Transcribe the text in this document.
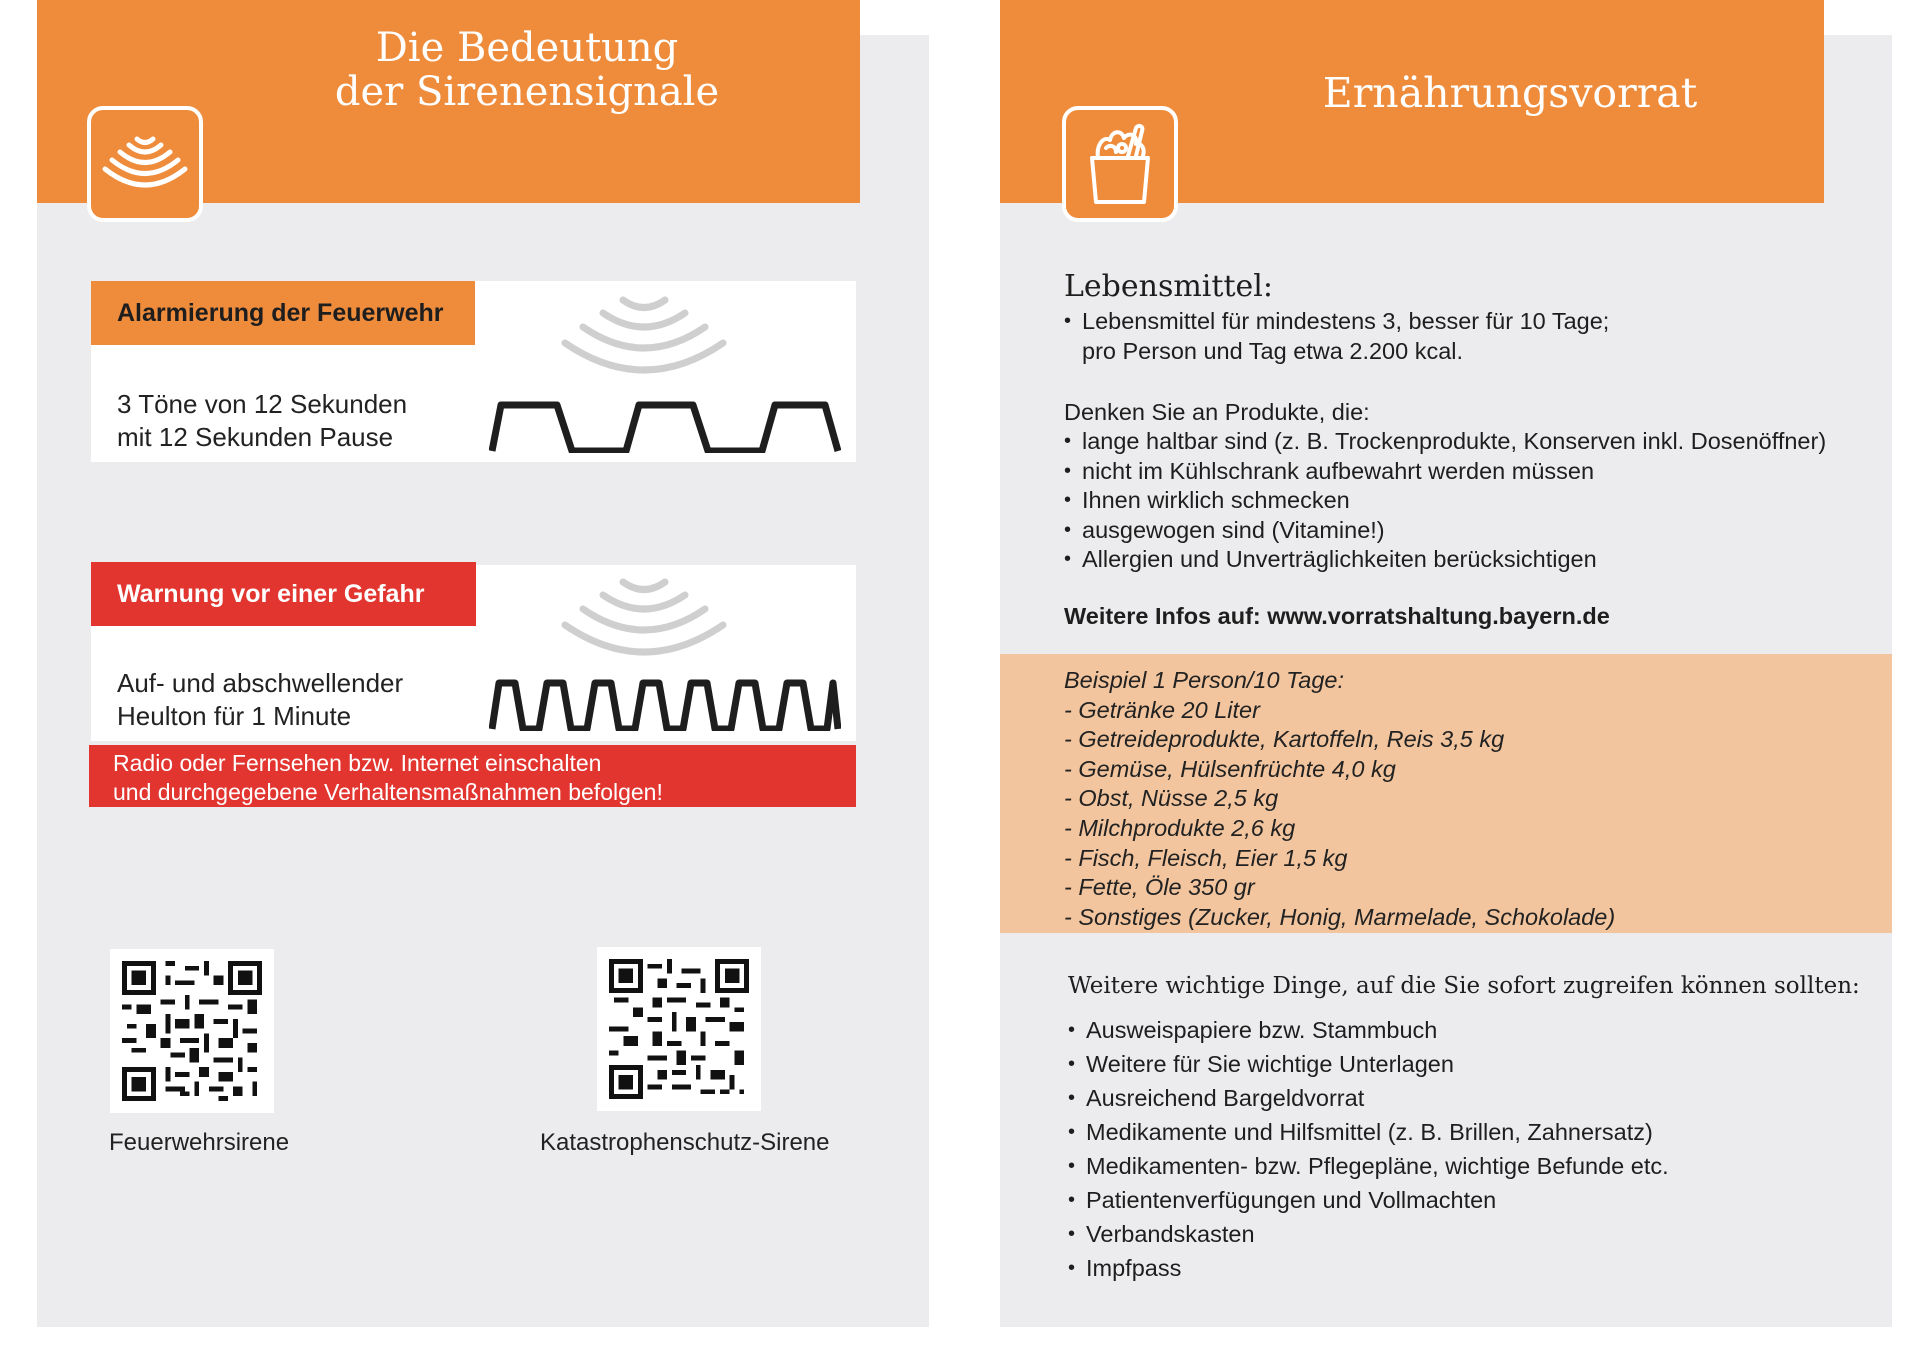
Die Bedeutung
der Sirenensignale
Alarmierung der Feuerwehr
3 Töne von 12 Sekunden
mit 12 Sekunden Pause
Warnung vor einer Gefahr
Auf- und abschwellender
Heulton für 1 Minute
Radio oder Fernsehen bzw. Internet einschalten
und durchgegebene Verhaltensmaßnahmen befolgen!
Feuerwehrsirene	Katastrophenschutz-Sirene
Ernährungsvorrat
Lebensmittel:
• Lebensmittel für mindestens 3, besser für 10 Tage;
pro Person und Tag etwa 2.200 kcal.
Denken Sie an Produkte, die:
• lange haltbar sind (z. B. Trockenprodukte, Konserven inkl. Dosenöffner)
• nicht im Kühlschrank aufbewahrt werden müssen
• Ihnen wirklich schmecken
• ausgewogen sind (Vitamine!)
• Allergien und Unverträglichkeiten berücksichtigen
Weitere Infos auf: www.vorratshaltung.bayern.de
Beispiel 1 Person/10 Tage:
- Getränke 20 Liter
- Getreideprodukte, Kartoffeln, Reis 3,5 kg
- Gemüse, Hülsenfrüchte 4,0 kg
- Obst, Nüsse 2,5 kg
- Milchprodukte 2,6 kg
- Fisch, Fleisch, Eier 1,5 kg
- Fette, Öle 350 gr
- Sonstiges (Zucker, Honig, Marmelade, Schokolade)
Weitere wichtige Dinge, auf die Sie sofort zugreifen können sollten:
• Ausweispapiere bzw. Stammbuch
• Weitere für Sie wichtige Unterlagen
• Ausreichend Bargeldvorrat
• Medikamente und Hilfsmittel (z. B. Brillen, Zahnersatz)
• Medikamenten- bzw. Pflegepläne, wichtige Befunde etc.
• Patientenverfügungen und Vollmachten
• Verbandskasten
• Impfpass
